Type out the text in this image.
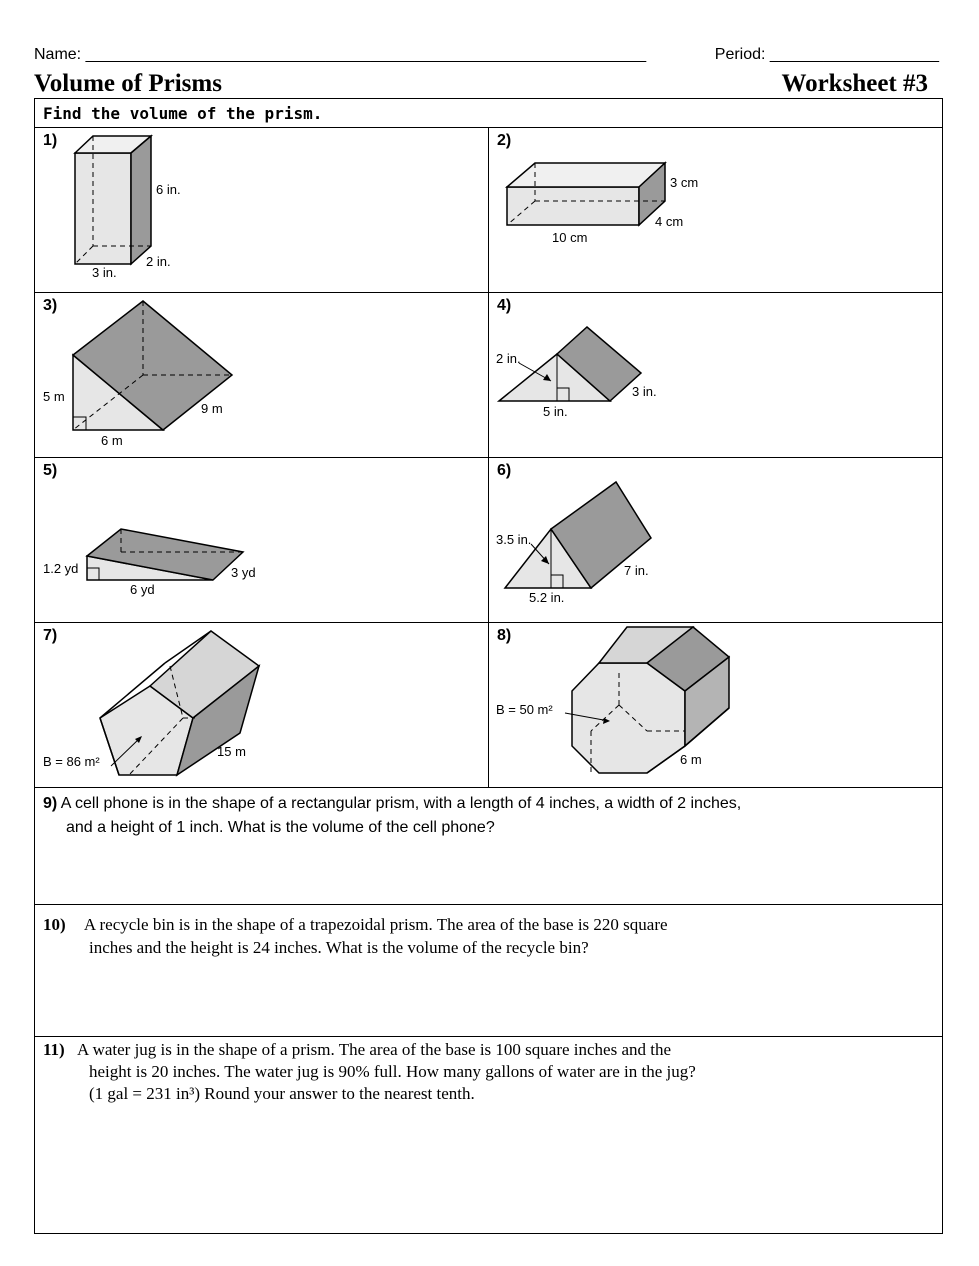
Name: _______________________________________________________________	Period: ___________________
Volume of Prisms	Worksheet #3
Find the volume of the prism.
1)
6 in.
2 in.
3 in.
2)
3 cm
4 cm
10 cm
3)
5 m
9 m
6 m
4)
2 in.
3 in.
5 in.
5)
1.2 yd	3 yd
6 yd
6)
3.5 in.
7 in.
5.2 in.
7)
15 m
B = 86 m²
8)
B = 50 m²
6 m
9) A cell phone is in the shape of a rectangular prism, with a length of 4 inches, a width of 2 inches,
and a height of 1 inch. What is the volume of the cell phone?
10) A recycle bin is in the shape of a trapezoidal prism. The area of the base is 220 square
inches and the height is 24 inches. What is the volume of the recycle bin?
11) A water jug is in the shape of a prism. The area of the base is 100 square inches and the
height is 20 inches. The water jug is 90% full. How many gallons of water are in the jug?
(1 gal = 231 in³) Round your answer to the nearest tenth.
